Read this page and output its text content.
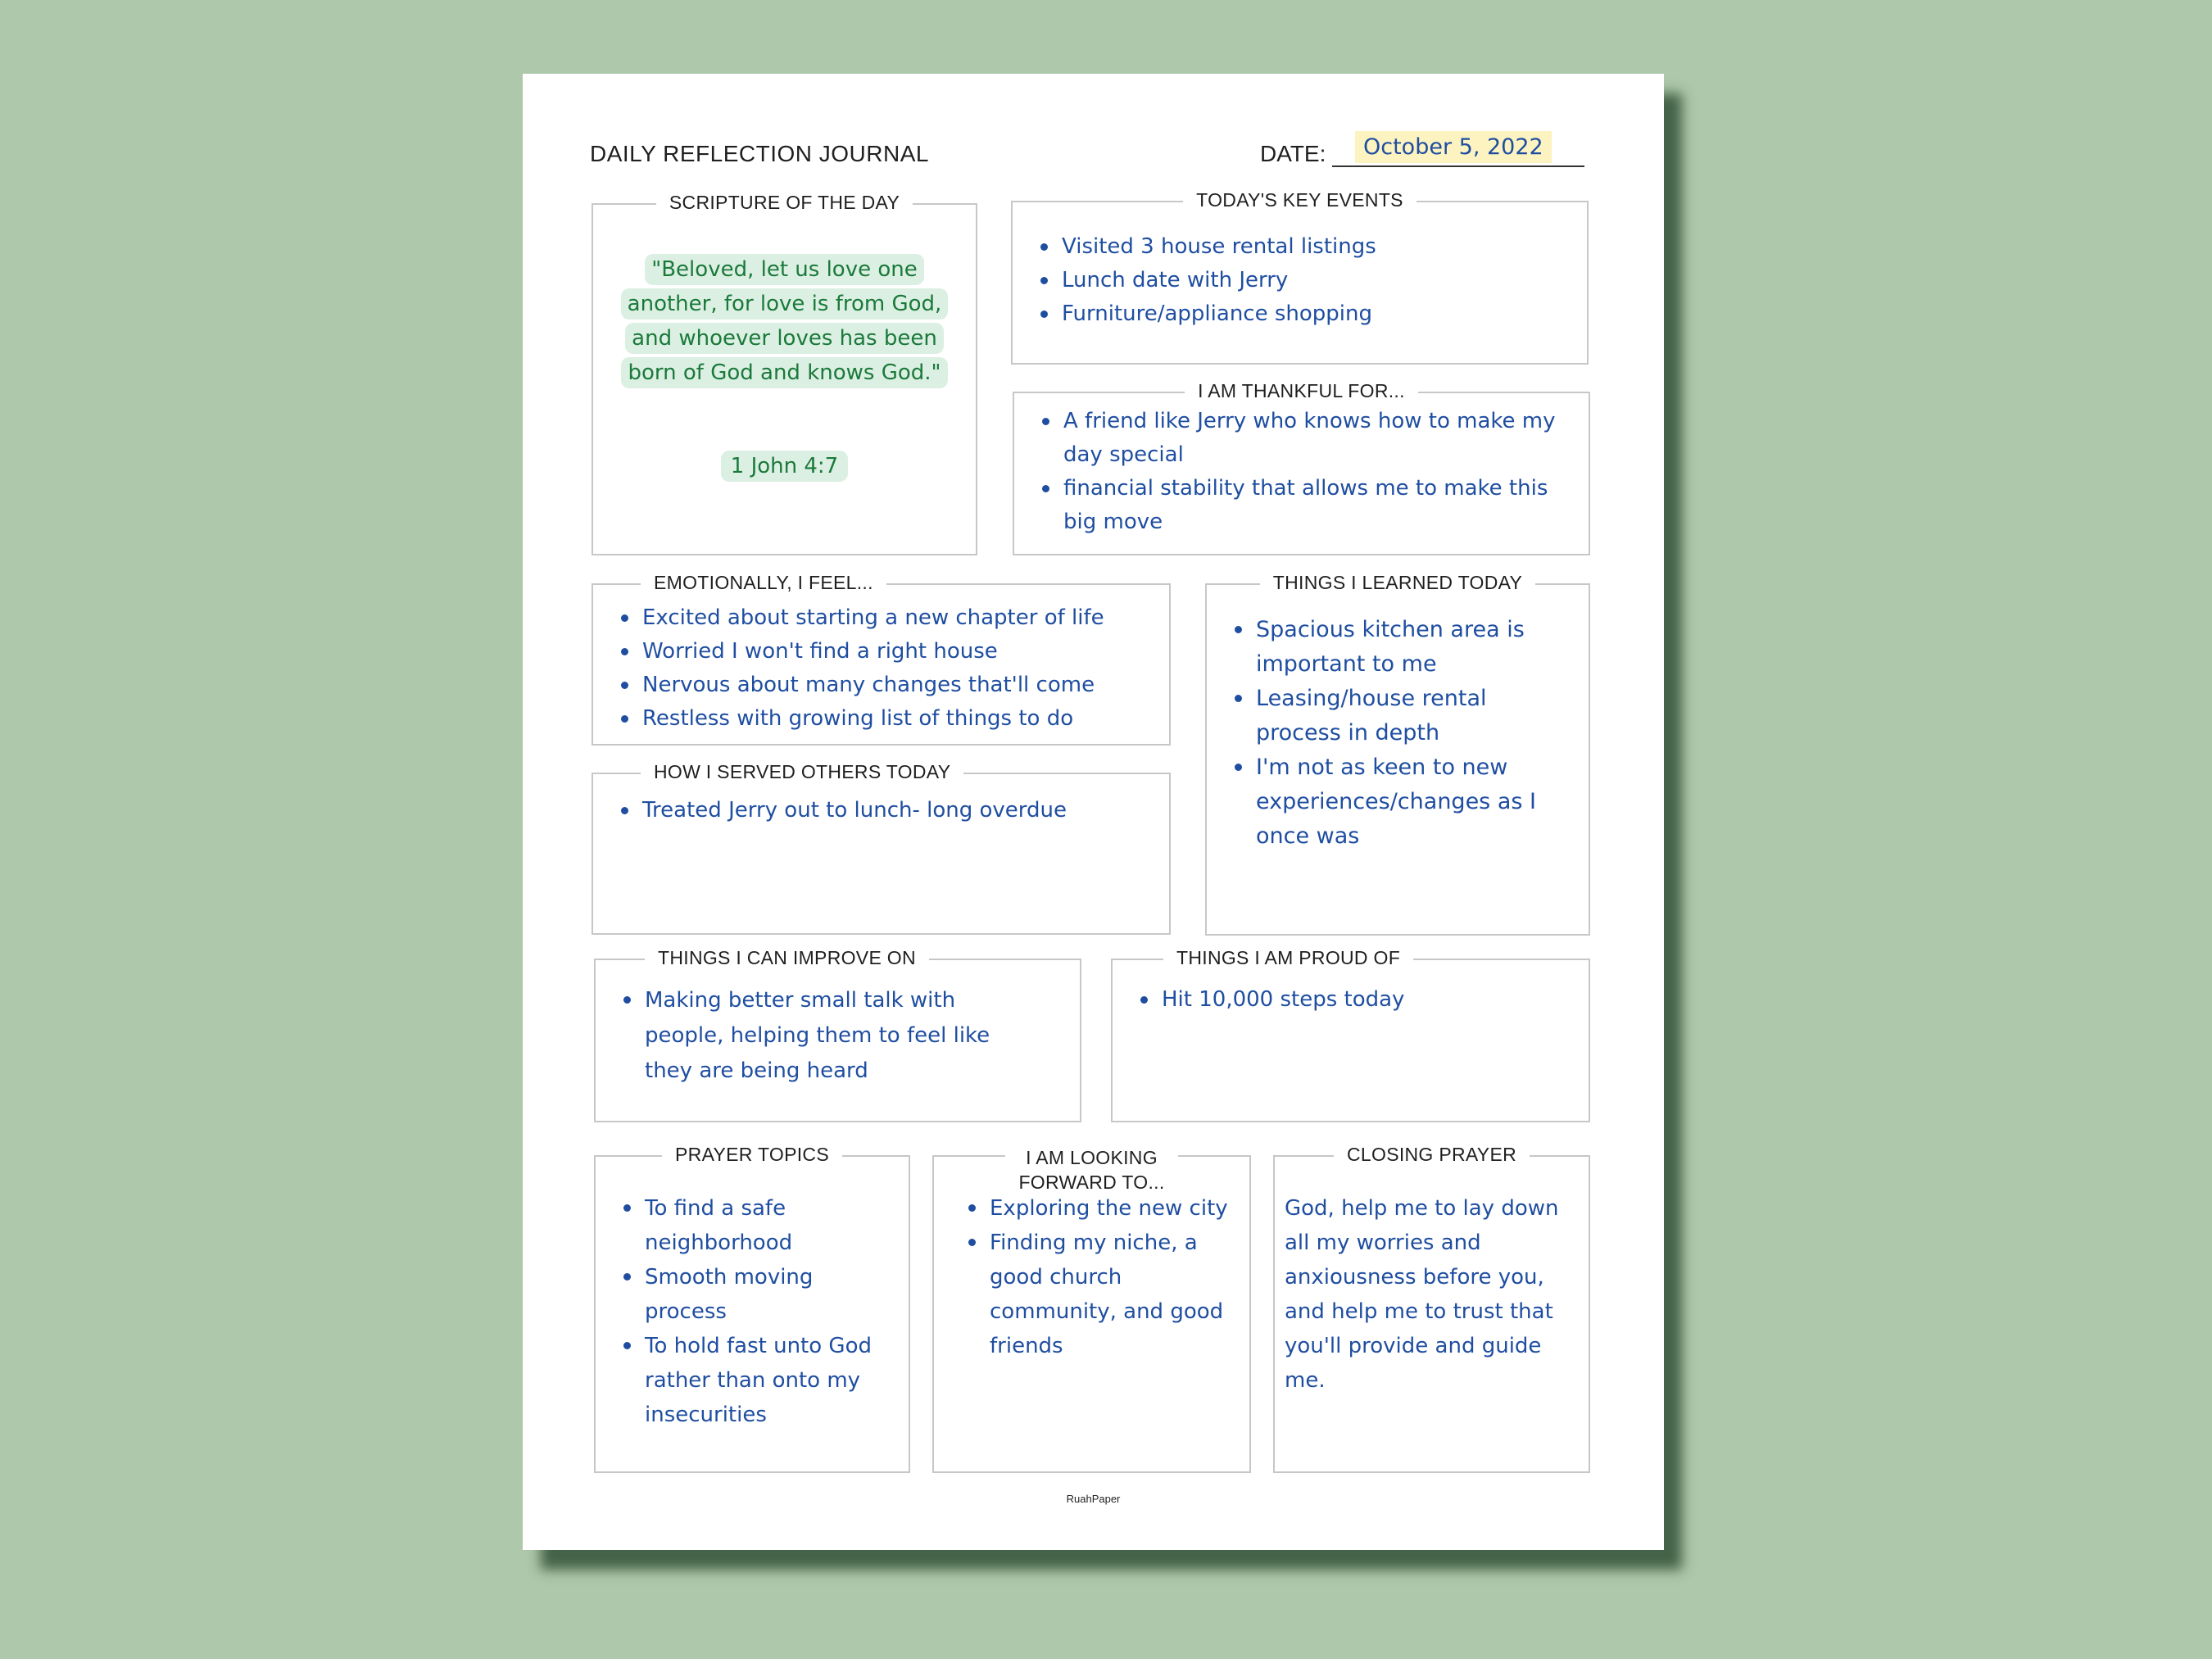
DAILY REFLECTION JOURNAL	DATE:	October 5, 2022
SCRIPTURE OF THE DAY
"Beloved, let us love one another, for love is from God, and whoever loves has been born of God and knows God."
1 John 4:7
TODAY'S KEY EVENTS
Visited 3 house rental listings
Lunch date with Jerry
Furniture/appliance shopping
I AM THANKFUL FOR...
A friend like Jerry who knows how to make my day special
financial stability that allows me to make this big move
EMOTIONALLY, I FEEL...
Excited about starting a new chapter of life
Worried I won't find a right house
Nervous about many changes that'll come
Restless with growing list of things to do
THINGS I LEARNED TODAY
Spacious kitchen area is important to me
Leasing/house rental process in depth
I'm not as keen to new experiences/changes as I once was
HOW I SERVED OTHERS TODAY
Treated Jerry out to lunch- long overdue
THINGS I CAN IMPROVE ON
Making better small talk with people, helping them to feel like they are being heard
THINGS I AM PROUD OF
Hit 10,000 steps today
PRAYER TOPICS
To find a safe neighborhood
Smooth moving process
To hold fast unto God rather than onto my insecurities
I AM LOOKING
FORWARD TO...
Exploring the new city
Finding my niche, a good church community, and good friends
CLOSING PRAYER
God, help me to lay down all my worries and anxiousness before you, and help me to trust that you'll provide and guide me.
RuahPaper
